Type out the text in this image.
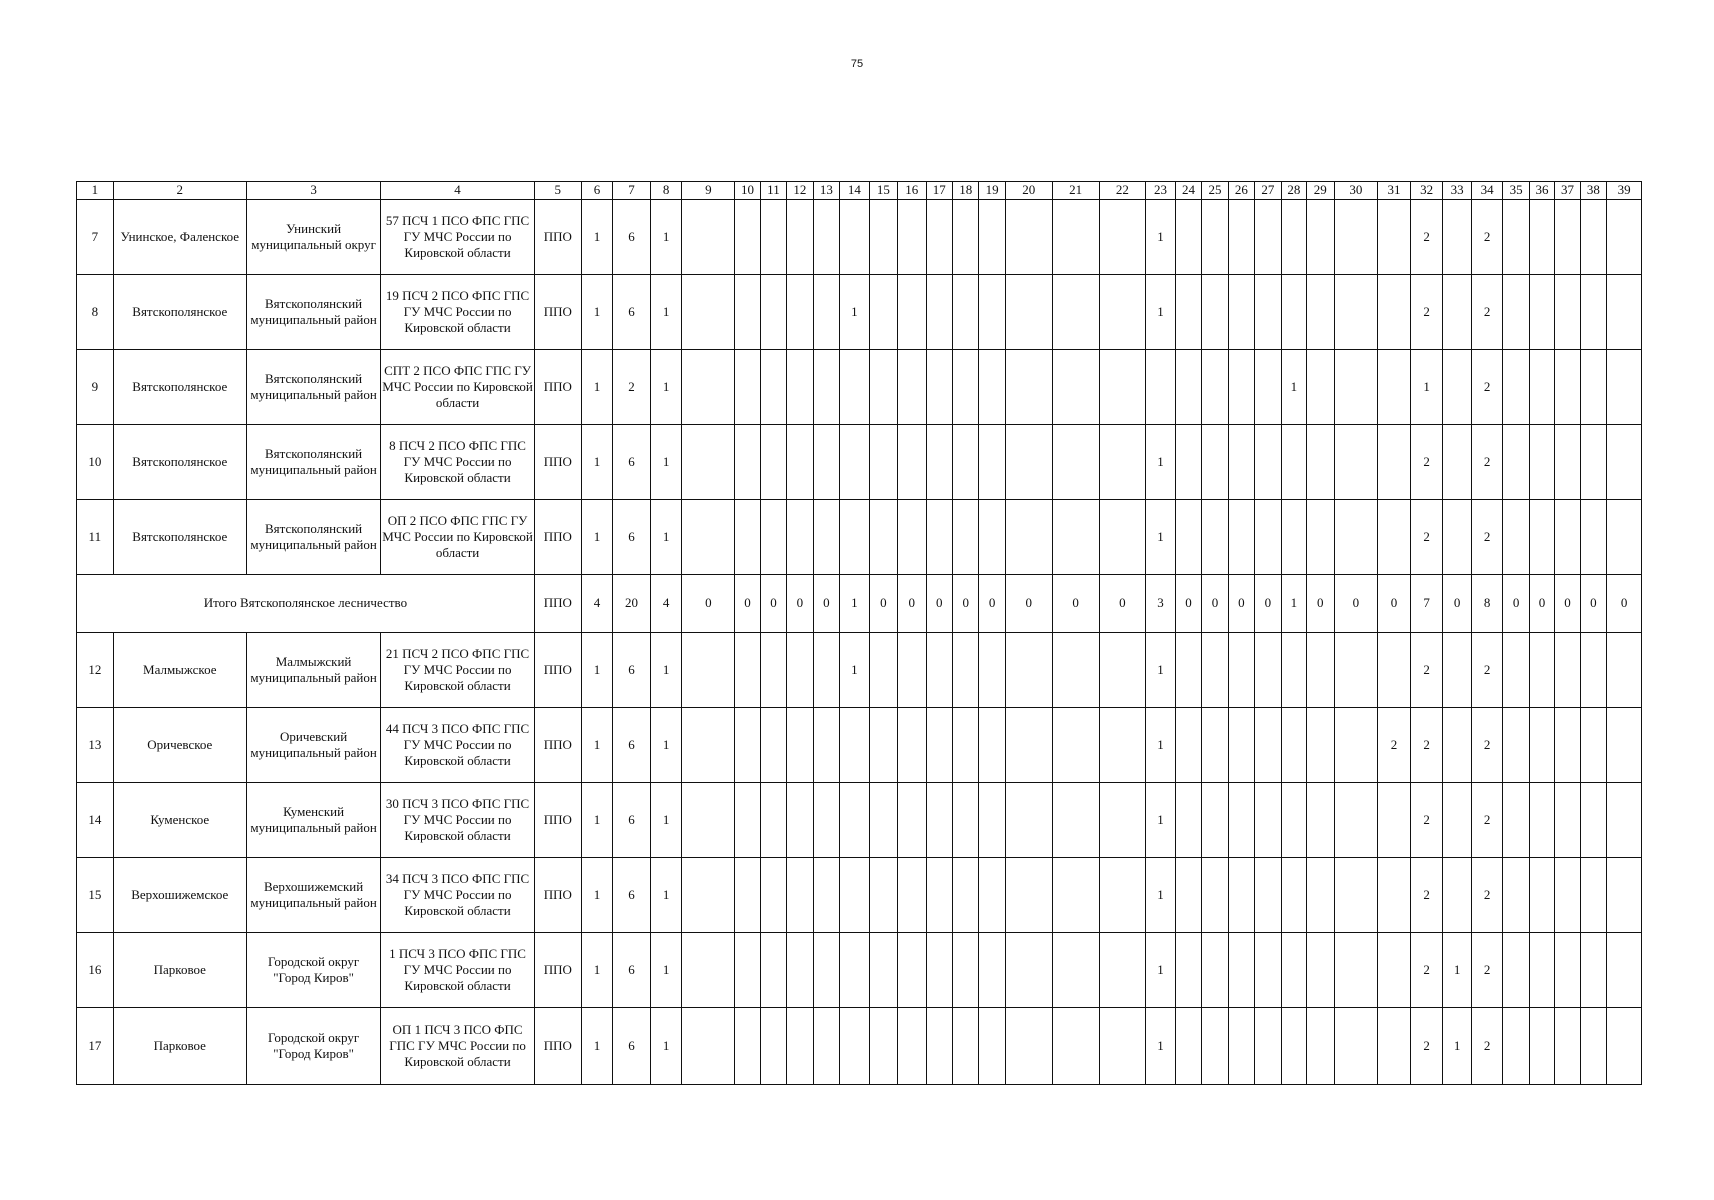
75
1	2	3	4	5	6	7	8	9	10	11	12	13	14	15	16	17	18	19	20	21	22	23	24	25	26	27	28	29	30	31	32	33	34	35	36	37	38	39
7	Унинское, Фаленское	Унинский муниципальный округ	57 ПСЧ 1 ПСО ФПС ГПС ГУ МЧС России по Кировской области	ППО	1	6	1															1									2		2					
8	Вятскополянское	Вятскополянский муниципальный район	19 ПСЧ 2 ПСО ФПС ГПС ГУ МЧС России по Кировской области	ППО	1	6	1						1									1									2		2					
9	Вятскополянское	Вятскополянский муниципальный район	СПТ 2 ПСО ФПС ГПС ГУ МЧС России по Кировской области	ППО	1	2	1																				1				1		2					
10	Вятскополянское	Вятскополянский муниципальный район	8 ПСЧ 2 ПСО ФПС ГПС ГУ МЧС России по Кировской области	ППО	1	6	1															1									2		2					
11	Вятскополянское	Вятскополянский муниципальный район	ОП 2 ПСО ФПС ГПС ГУ МЧС России по Кировской области	ППО	1	6	1															1									2		2					
Итого Вятскополянское лесничество				ППО	4	20	4	0	0	0	0	0	1	0	0	0	0	0	0	0	0	3	0	0	0	0	1	0	0	0	7	0	8	0	0	0	0	0
12	Малмыжское	Малмыжский муниципальный район	21 ПСЧ 2 ПСО ФПС ГПС ГУ МЧС России по Кировской области	ППО	1	6	1						1									1									2		2					
13	Оричевское	Оричевский муниципальный район	44 ПСЧ 3 ПСО ФПС ГПС ГУ МЧС России по Кировской области	ППО	1	6	1															1								2	2		2					
14	Куменское	Куменский муниципальный район	30 ПСЧ 3 ПСО ФПС ГПС ГУ МЧС России по Кировской области	ППО	1	6	1															1									2		2					
15	Верхошижемское	Верхошижемский муниципальный район	34 ПСЧ 3 ПСО ФПС ГПС ГУ МЧС России по Кировской области	ППО	1	6	1															1									2		2					
16	Парковое	Городской округ "Город Киров"	1 ПСЧ 3 ПСО ФПС ГПС ГУ МЧС России по Кировской области	ППО	1	6	1															1									2	1	2					
17	Парковое	Городской округ "Город Киров"	ОП 1 ПСЧ 3 ПСО ФПС ГПС ГУ МЧС России по Кировской области	ППО	1	6	1															1									2	1	2					
